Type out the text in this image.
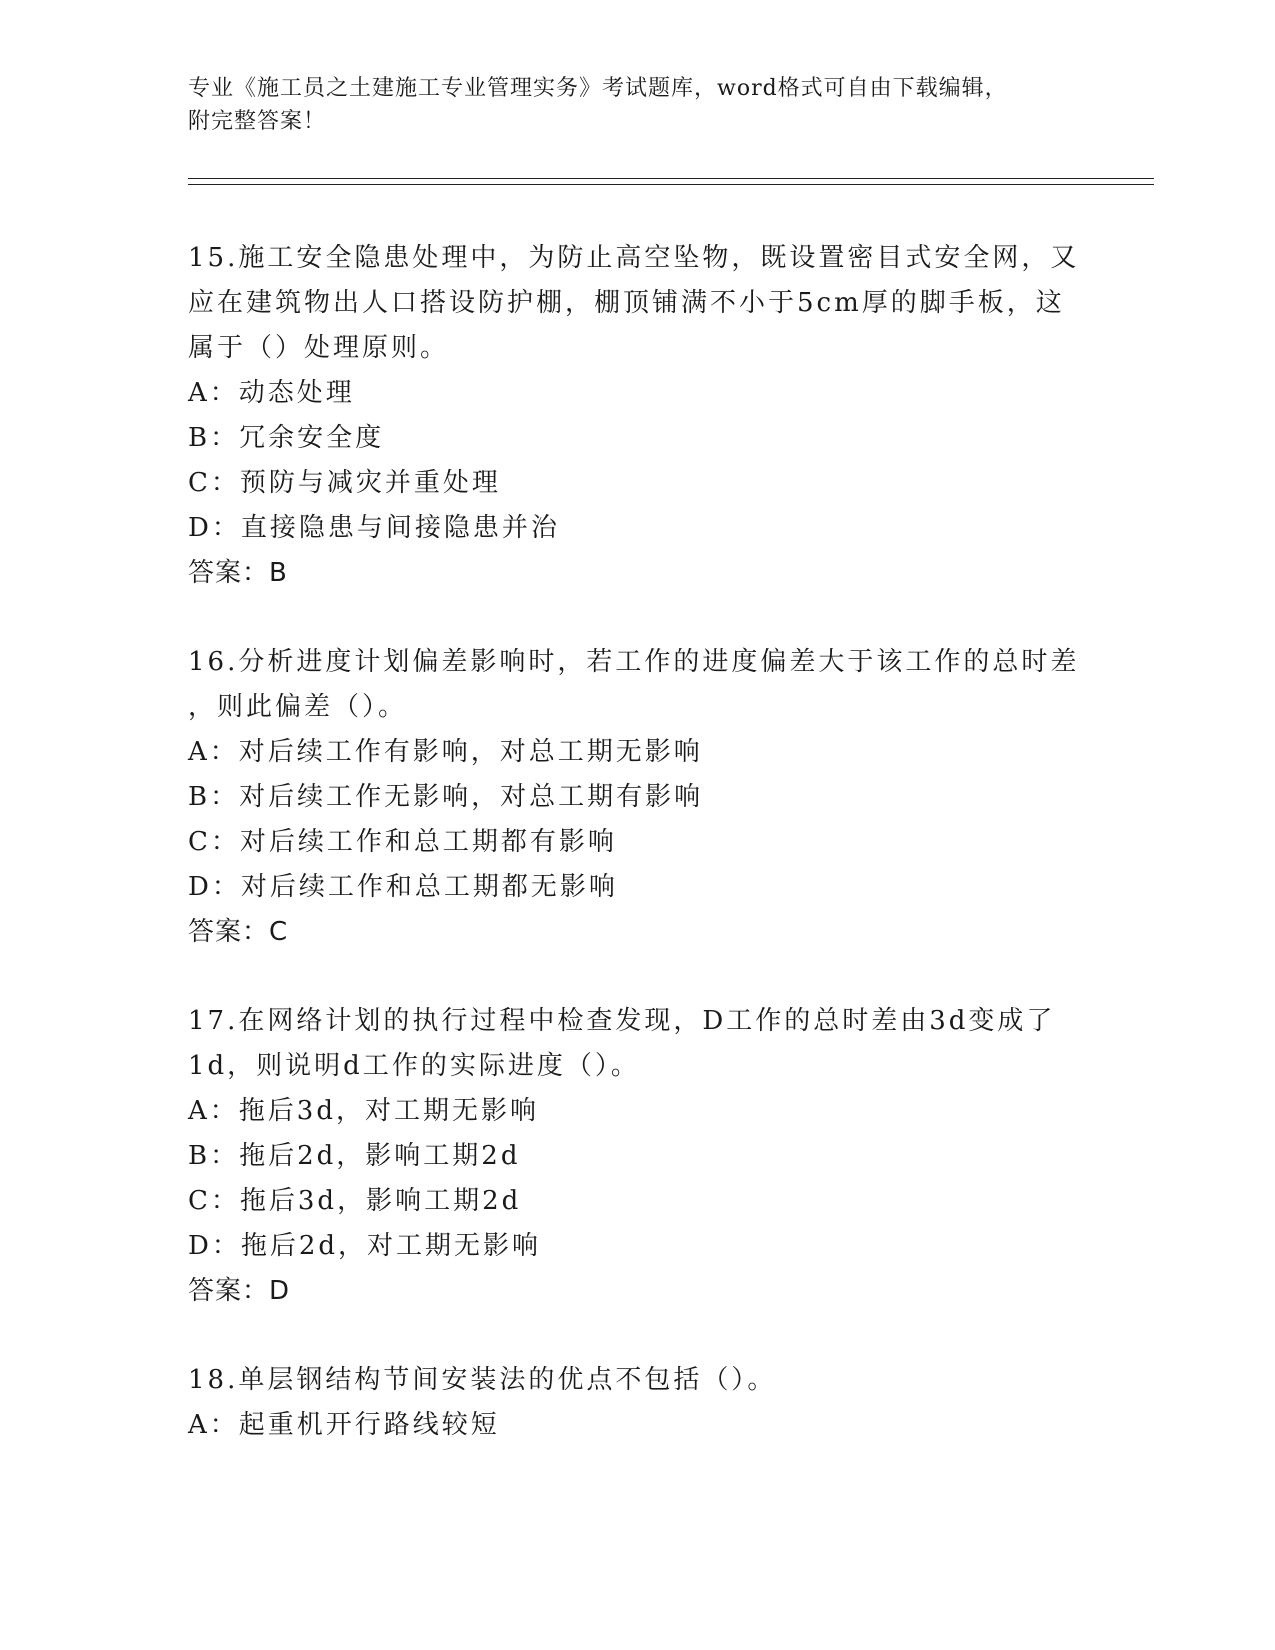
专业《施工员之土建施工专业管理实务》考试题库，word格式可自由下载编辑，
附完整答案！

15.施工安全隐患处理中，为防止高空坠物，既设置密目式安全网，又

应在建筑物出人口搭设防护棚，棚顶铺满不小于5cm厚的脚手板，这

属于（）处理原则。

A：动态处理

B：冗余安全度

C：预防与减灾并重处理

D：直接隐患与间接隐患并治

答案：B

16.分析进度计划偏差影响时，若工作的进度偏差大于该工作的总时差

，则此偏差（）。

A：对后续工作有影响，对总工期无影响

B：对后续工作无影响，对总工期有影响

C：对后续工作和总工期都有影响

D：对后续工作和总工期都无影响

答案：C

17.在网络计划的执行过程中检查发现，D工作的总时差由3d变成了

1d，则说明d工作的实际进度（）。

A：拖后3d，对工期无影响

B：拖后2d，影响工期2d

C：拖后3d，影响工期2d

D：拖后2d，对工期无影响

答案：D

18.单层钢结构节间安装法的优点不包括（）。

A：起重机开行路线较短
